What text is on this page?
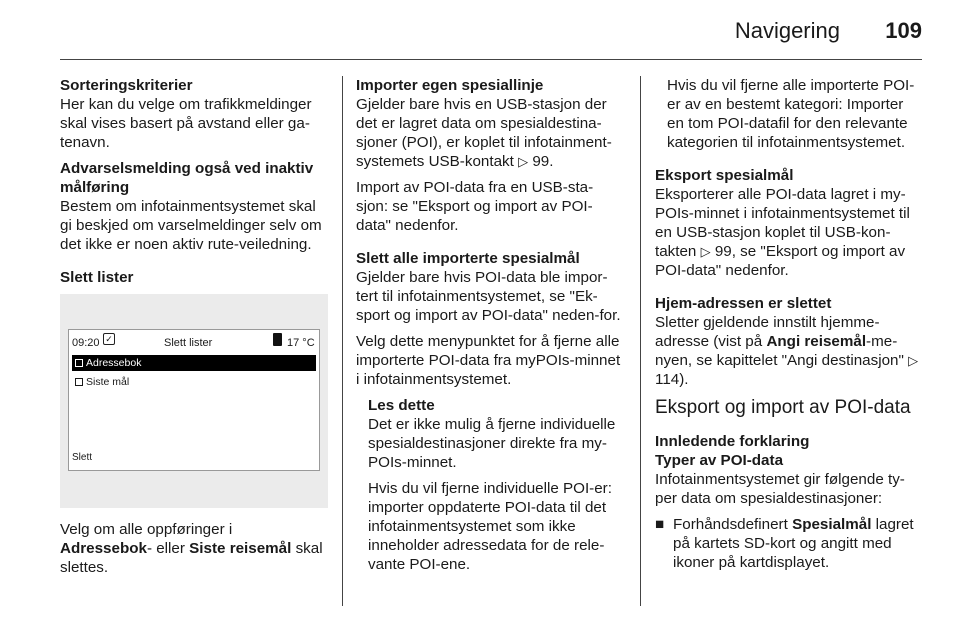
Navigering 109
Sorteringskriterier
Her kan du velge om trafikkmeldinger skal vises basert på avstand eller ga-tenavn.
Advarselsmelding også ved inaktiv målføring
Bestem om infotainmentsystemet skal gi beskjed om varselmeldinger selv om det ikke er noen aktiv rute-veiledning.
Slett lister
09:20 ✓	Slett lister	17 °C
Adressebok
Siste mål
Slett
Velg om alle oppføringer i Adressebok- eller Siste reisemål skal slettes.
Importer egen spesiallinje
Gjelder bare hvis en USB-stasjon der det er lagret data om spesialdestina-sjoner (POI), er koplet til infotainment-systemets USB-kontakt ▷ 99.
Import av POI-data fra en USB-sta-sjon: se "Eksport og import av POI-data" nedenfor.
Slett alle importerte spesialmål
Gjelder bare hvis POI-data ble impor-tert til infotainmentsystemet, se "Ek-sport og import av POI-data" neden-for.
Velg dette menypunktet for å fjerne alle importerte POI-data fra myPOIs-minnet i infotainmentsystemet.
Les dette
Det er ikke mulig å fjerne individuelle spesialdestinasjoner direkte fra my-POIs-minnet.
Hvis du vil fjerne individuelle POI-er: importer oppdaterte POI-data til det infotainmentsystemet som ikke inneholder adressedata for de rele-vante POI-ene.
Hvis du vil fjerne alle importerte POI-er av en bestemt kategori: Importer en tom POI-datafil for den relevante kategorien til infotainmentsystemet.
Eksport spesialmål
Eksporterer alle POI-data lagret i my-POIs-minnet i infotainmentsystemet til en USB-stasjon koplet til USB-kon-takten ▷ 99, se "Eksport og import av POI-data" nedenfor.
Hjem-adressen er slettet
Sletter gjeldende innstilt hjemme-adresse (vist på Angi reisemål-me-nyen, se kapittelet "Angi destinasjon" ▷ 114).
Eksport og import av POI-data
Innledende forklaring
Typer av POI-data
Infotainmentsystemet gir følgende ty-per data om spesialdestinasjoner:
■ Forhåndsdefinert Spesialmål lagret på kartets SD-kort og angitt med ikoner på kartdisplayet.
